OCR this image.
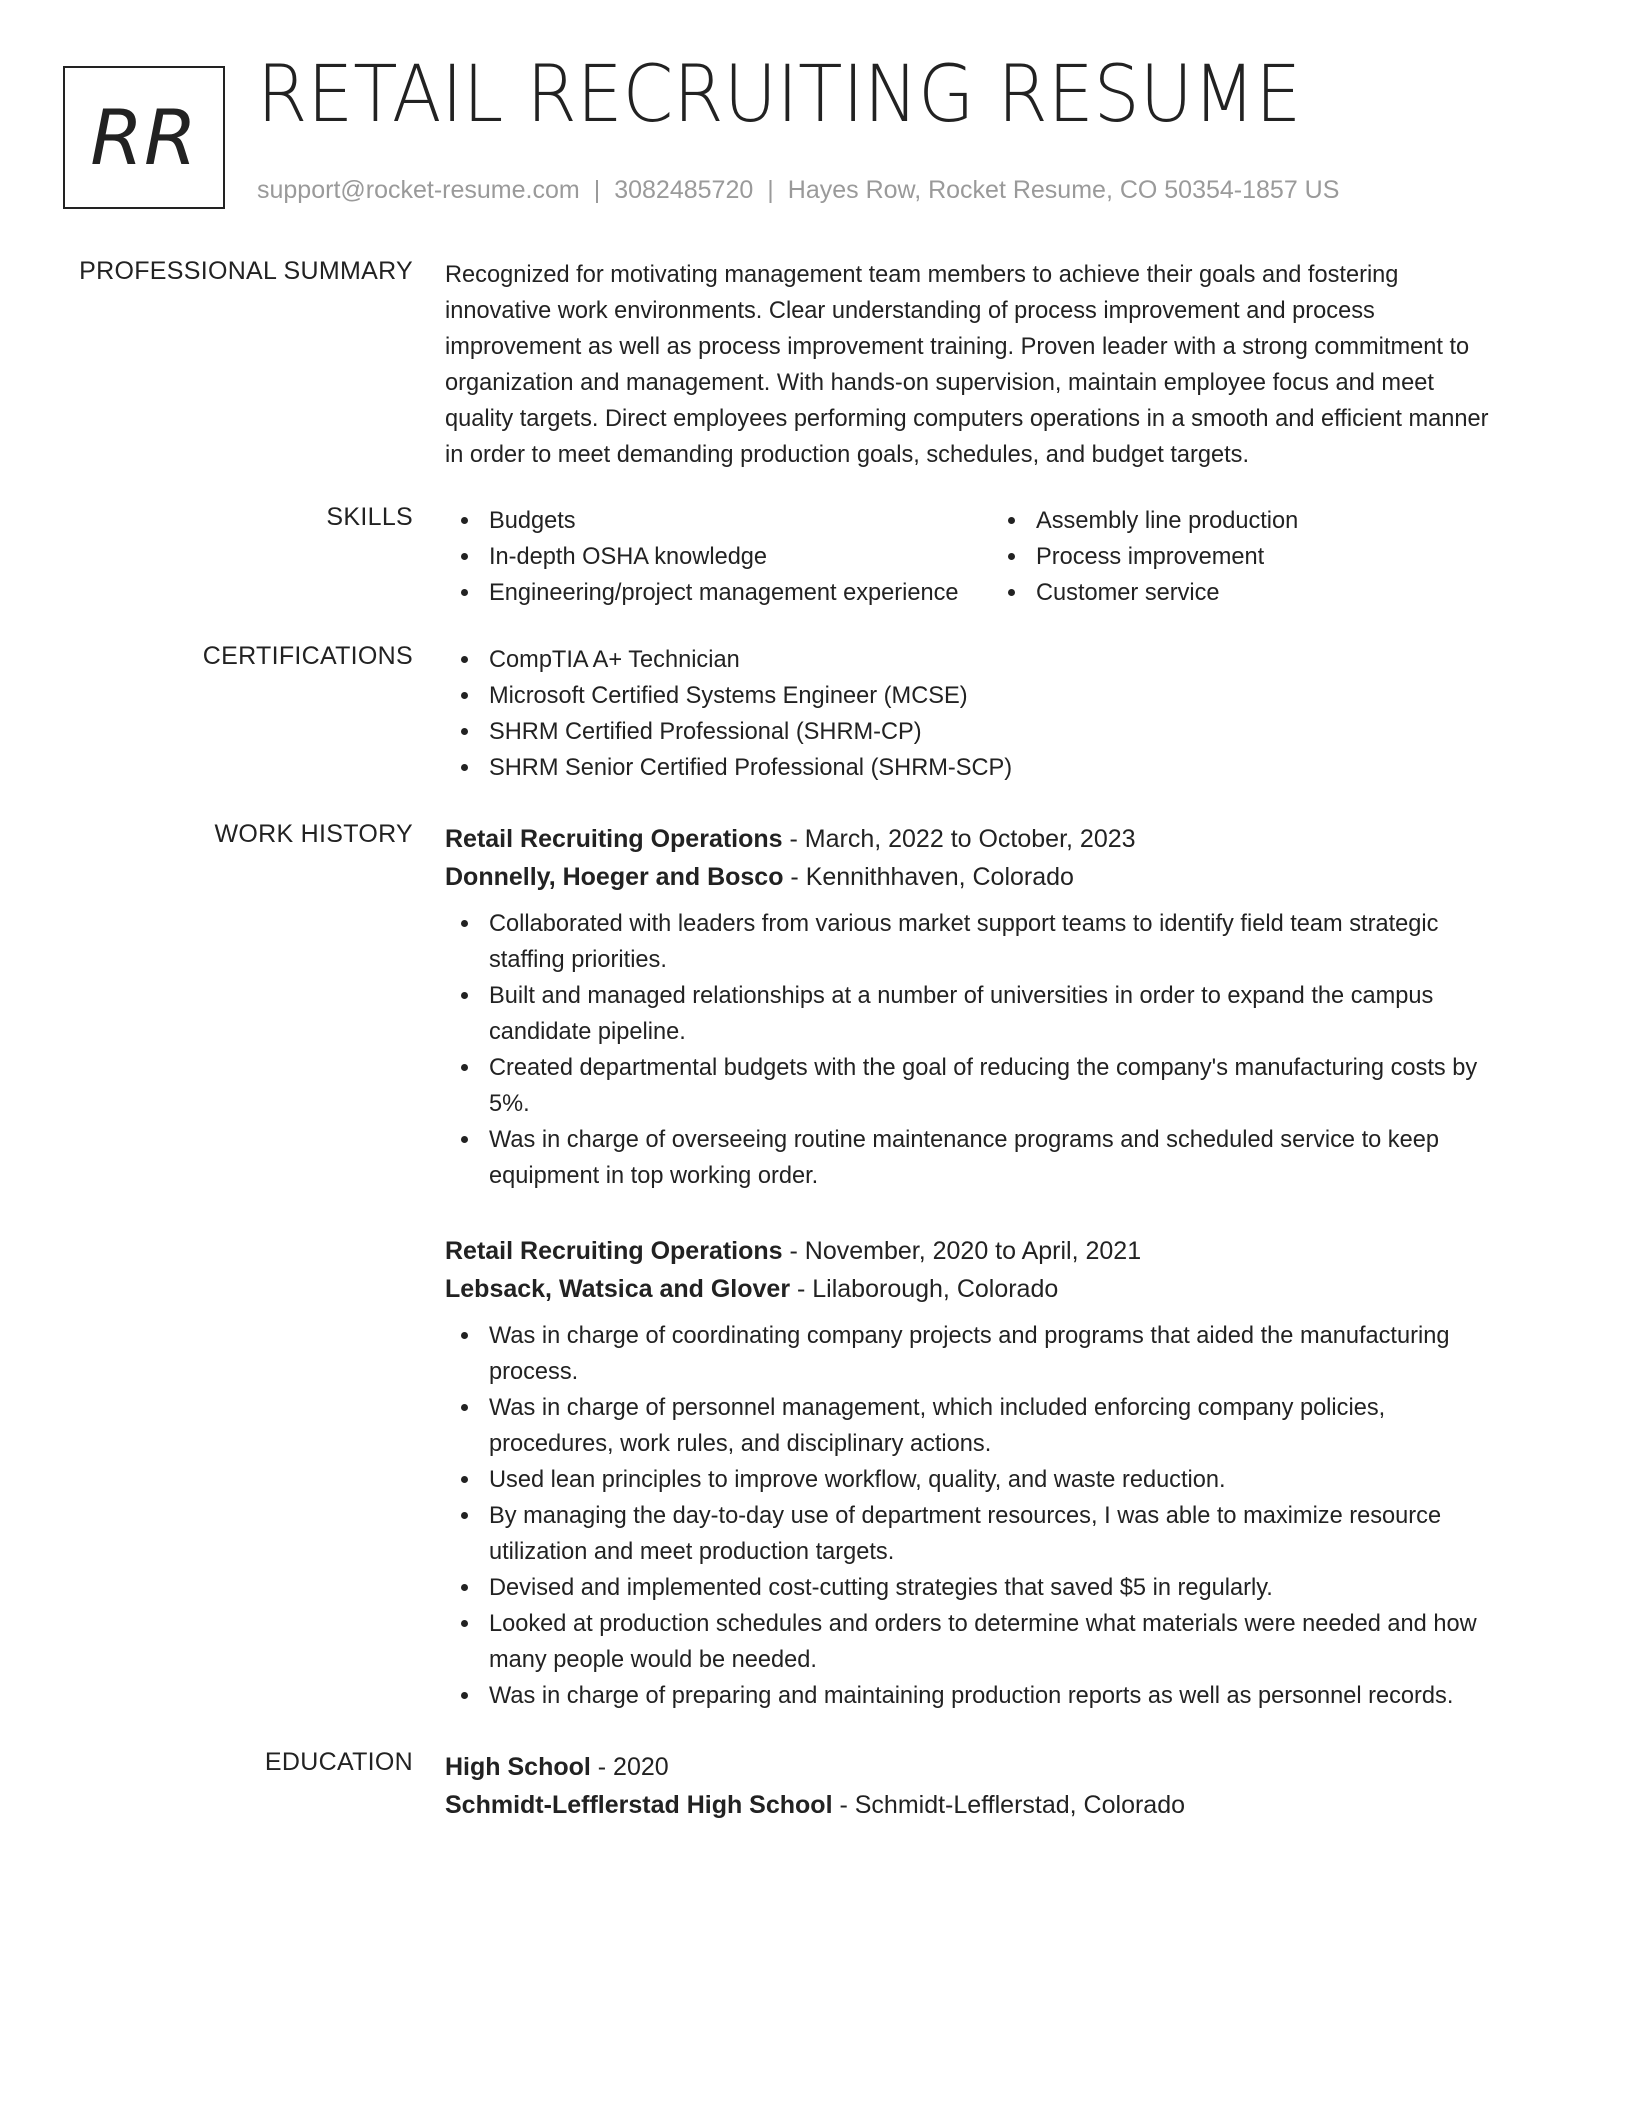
RR RETAIL RECRUITING RESUME
support@rocket-resume.com | 3082485720 | Hayes Row, Rocket Resume, CO 50354-1857 US
PROFESSIONAL SUMMARY Recognized for motivating management team members to achieve their goals and fostering
innovative work environments. Clear understanding of process improvement and process
improvement as well as process improvement training. Proven leader with a strong commitment to
organization and management. With hands-on supervision, maintain employee focus and meet
quality targets. Direct employees performing computers operations in a smooth and efficient manner
in order to meet demanding production goals, schedules, and budget targets.
SKILLS	Budgets
In-depth OSHA knowledge
Engineering/project management experience
Assembly line production
Process improvement
Customer service
CERTIFICATIONS	CompTIA A+ Technician
Microsoft Certified Systems Engineer (MCSE)
SHRM Certified Professional (SHRM-CP)
SHRM Senior Certified Professional (SHRM-SCP)
WORK HISTORY Retail Recruiting Operations - March, 2022 to October, 2023
Donnelly, Hoeger and Bosco - Kennithhaven, Colorado
Collaborated with leaders from various market support teams to identify field team strategic
staffing priorities.
Built and managed relationships at a number of universities in order to expand the campus
candidate pipeline.
Created departmental budgets with the goal of reducing the company's manufacturing costs by
5%.
Was in charge of overseeing routine maintenance programs and scheduled service to keep
equipment in top working order.
Retail Recruiting Operations - November, 2020 to April, 2021
Lebsack, Watsica and Glover - Lilaborough, Colorado
Was in charge of coordinating company projects and programs that aided the manufacturing
process.
Was in charge of personnel management, which included enforcing company policies,
procedures, work rules, and disciplinary actions.
Used lean principles to improve workflow, quality, and waste reduction.
By managing the day-to-day use of department resources, I was able to maximize resource
utilization and meet production targets.
Devised and implemented cost-cutting strategies that saved $5 in regularly.
Looked at production schedules and orders to determine what materials were needed and how
many people would be needed.
Was in charge of preparing and maintaining production reports as well as personnel records.
EDUCATION High School - 2020
Schmidt-Lefflerstad High School - Schmidt-Lefflerstad, Colorado
